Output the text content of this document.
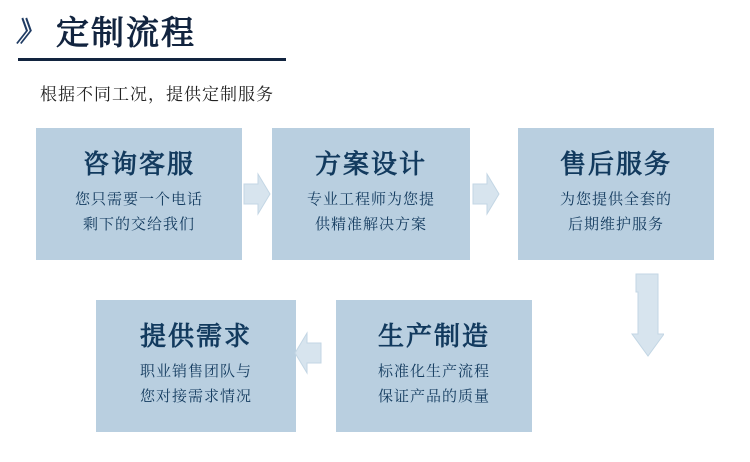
》 定制流程
根据不同工况，提供定制服务
咨询客服
您只需要一个电话
剩下的交给我们
方案设计
专业工程师为您提
供精准解决方案
售后服务
为您提供全套的
后期维护服务
提供需求
职业销售团队与
您对接需求情况
生产制造
标准化生产流程
保证产品的质量
